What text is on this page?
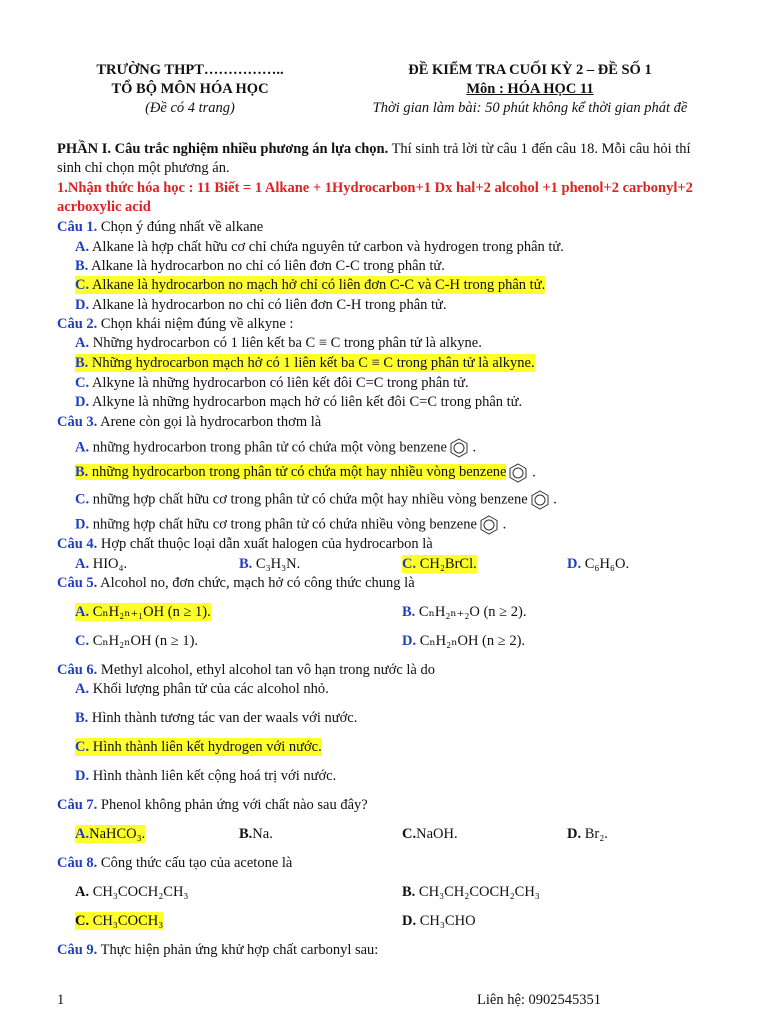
TRƯỜNG THPT……………..
TỔ BỘ MÔN HÓA HỌC
(Đề có 4 trang)
ĐỀ KIỂM TRA CUỐI KỲ 2 – ĐỀ SỐ 1
Môn : HÓA HỌC 11
Thời gian làm bài: 50 phút không kể thời gian phát đề
PHẦN I. Câu trắc nghiệm nhiều phương án lựa chọn. Thí sinh trả lời từ câu 1 đến câu 18. Mỗi câu hỏi thí
sinh chỉ chọn một phương án.
1.Nhận thức hóa học : 11 Biết = 1 Alkane + 1Hydrocarbon+1 Dx hal+2 alcohol +1 phenol+2 carbonyl+2
acrboxylic acid
Câu 1. Chọn ý đúng nhất về alkane
A. Alkane là hợp chất hữu cơ chỉ chứa nguyên tử carbon và hydrogen trong phân tử.
B. Alkane là hydrocarbon no chỉ có liên đơn C-C trong phân tử.
C. Alkane là hydrocarbon no mạch hở chỉ có liên đơn C-C và C-H trong phân tử.
D. Alkane là hydrocarbon no chỉ có liên đơn C-H trong phân tử.
Câu 2. Chọn khái niệm đúng về alkyne :
A. Những hydrocarbon có 1 liên kết ba C ≡ C trong phân tử là alkyne.
B. Những hydrocarbon mạch hở có 1 liên kết ba C ≡ C trong phân tử là alkyne.
C. Alkyne là những hydrocarbon có liên kết đôi C=C trong phân tử.
D. Alkyne là những hydrocarbon mạch hở có liên kết đôi C=C trong phân tử.
Câu 3. Arene còn gọi là hydrocarbon thơm là
A. những hydrocarbon trong phân tử có chứa một vòng benzene .
B. những hydrocarbon trong phân tử có chứa một hay nhiều vòng benzene .
C. những hợp chất hữu cơ trong phân tử có chứa một hay nhiều vòng benzene .
D. những hợp chất hữu cơ trong phân tử có chứa nhiều vòng benzene .
Câu 4. Hợp chất thuộc loại dẫn xuất halogen của hydrocarbon là
A. HIO₄.	B. C₃H₃N.	C. CH₂BrCl.	D. C₆H₆O.
Câu 5. Alcohol no, đơn chức, mạch hở có công thức chung là
A. CₙH₂ₙ₊₁OH (n ≥ 1).	B. CₙH₂ₙ₊₂O (n ≥ 2).
C. CₙH₂ₙOH (n ≥ 1).	D. CₙH₂ₙOH (n ≥ 2).
Câu 6. Methyl alcohol, ethyl alcohol tan vô hạn trong nước là do
A. Khối lượng phân tử của các alcohol nhỏ.
B. Hình thành tương tác van der waals với nước.
C. Hình thành liên kết hydrogen với nước.
D. Hình thành liên kết cộng hoá trị với nước.
Câu 7. Phenol không phản ứng với chất nào sau đây?
A.NaHCO₃.	B.Na.	C.NaOH.	D. Br₂.
Câu 8. Công thức cấu tạo của acetone là
A. CH₃COCH₂CH₃	B. CH₃CH₂COCH₂CH₃
C. CH₃COCH₃	D. CH₃CHO
Câu 9. Thực hiện phản ứng khử hợp chất carbonyl sau:
1	Liên hệ: 0902545351
